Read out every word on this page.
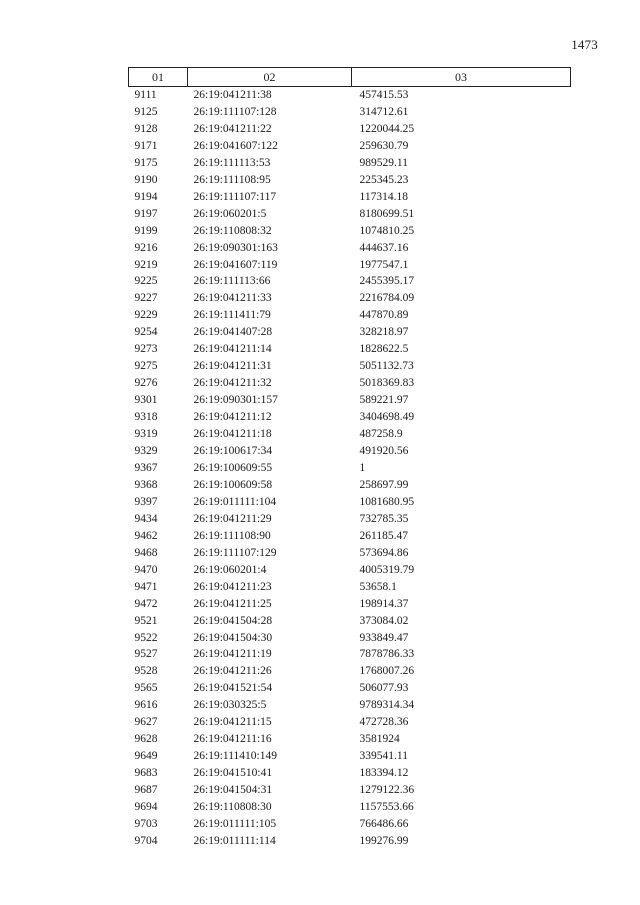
1473
01	02	03
9111	26:19:041211:38	457415.53
9125	26:19:111107:128	314712.61
9128	26:19:041211:22	1220044.25
9171	26:19:041607:122	259630.79
9175	26:19:111113:53	989529.11
9190	26:19:111108:95	225345.23
9194	26:19:111107:117	117314.18
9197	26:19:060201:5	8180699.51
9199	26:19:110808:32	1074810.25
9216	26:19:090301:163	444637.16
9219	26:19:041607:119	1977547.1
9225	26:19:111113:66	2455395.17
9227	26:19:041211:33	2216784.09
9229	26:19:111411:79	447870.89
9254	26:19:041407:28	328218.97
9273	26:19:041211:14	1828622.5
9275	26:19:041211:31	5051132.73
9276	26:19:041211:32	5018369.83
9301	26:19:090301:157	589221.97
9318	26:19:041211:12	3404698.49
9319	26:19:041211:18	487258.9
9329	26:19:100617:34	491920.56
9367	26:19:100609:55	1
9368	26:19:100609:58	258697.99
9397	26:19:011111:104	1081680.95
9434	26:19:041211:29	732785.35
9462	26:19:111108:90	261185.47
9468	26:19:111107:129	573694.86
9470	26:19:060201:4	4005319.79
9471	26:19:041211:23	53658.1
9472	26:19:041211:25	198914.37
9521	26:19:041504:28	373084.02
9522	26:19:041504:30	933849.47
9527	26:19:041211:19	7878786.33
9528	26:19:041211:26	1768007.26
9565	26:19:041521:54	506077.93
9616	26:19:030325:5	9789314.34
9627	26:19:041211:15	472728.36
9628	26:19:041211:16	3581924
9649	26:19:111410:149	339541.11
9683	26:19:041510:41	183394.12
9687	26:19:041504:31	1279122.36
9694	26:19:110808:30	1157553.66
9703	26:19:011111:105	766486.66
9704	26:19:011111:114	199276.99
